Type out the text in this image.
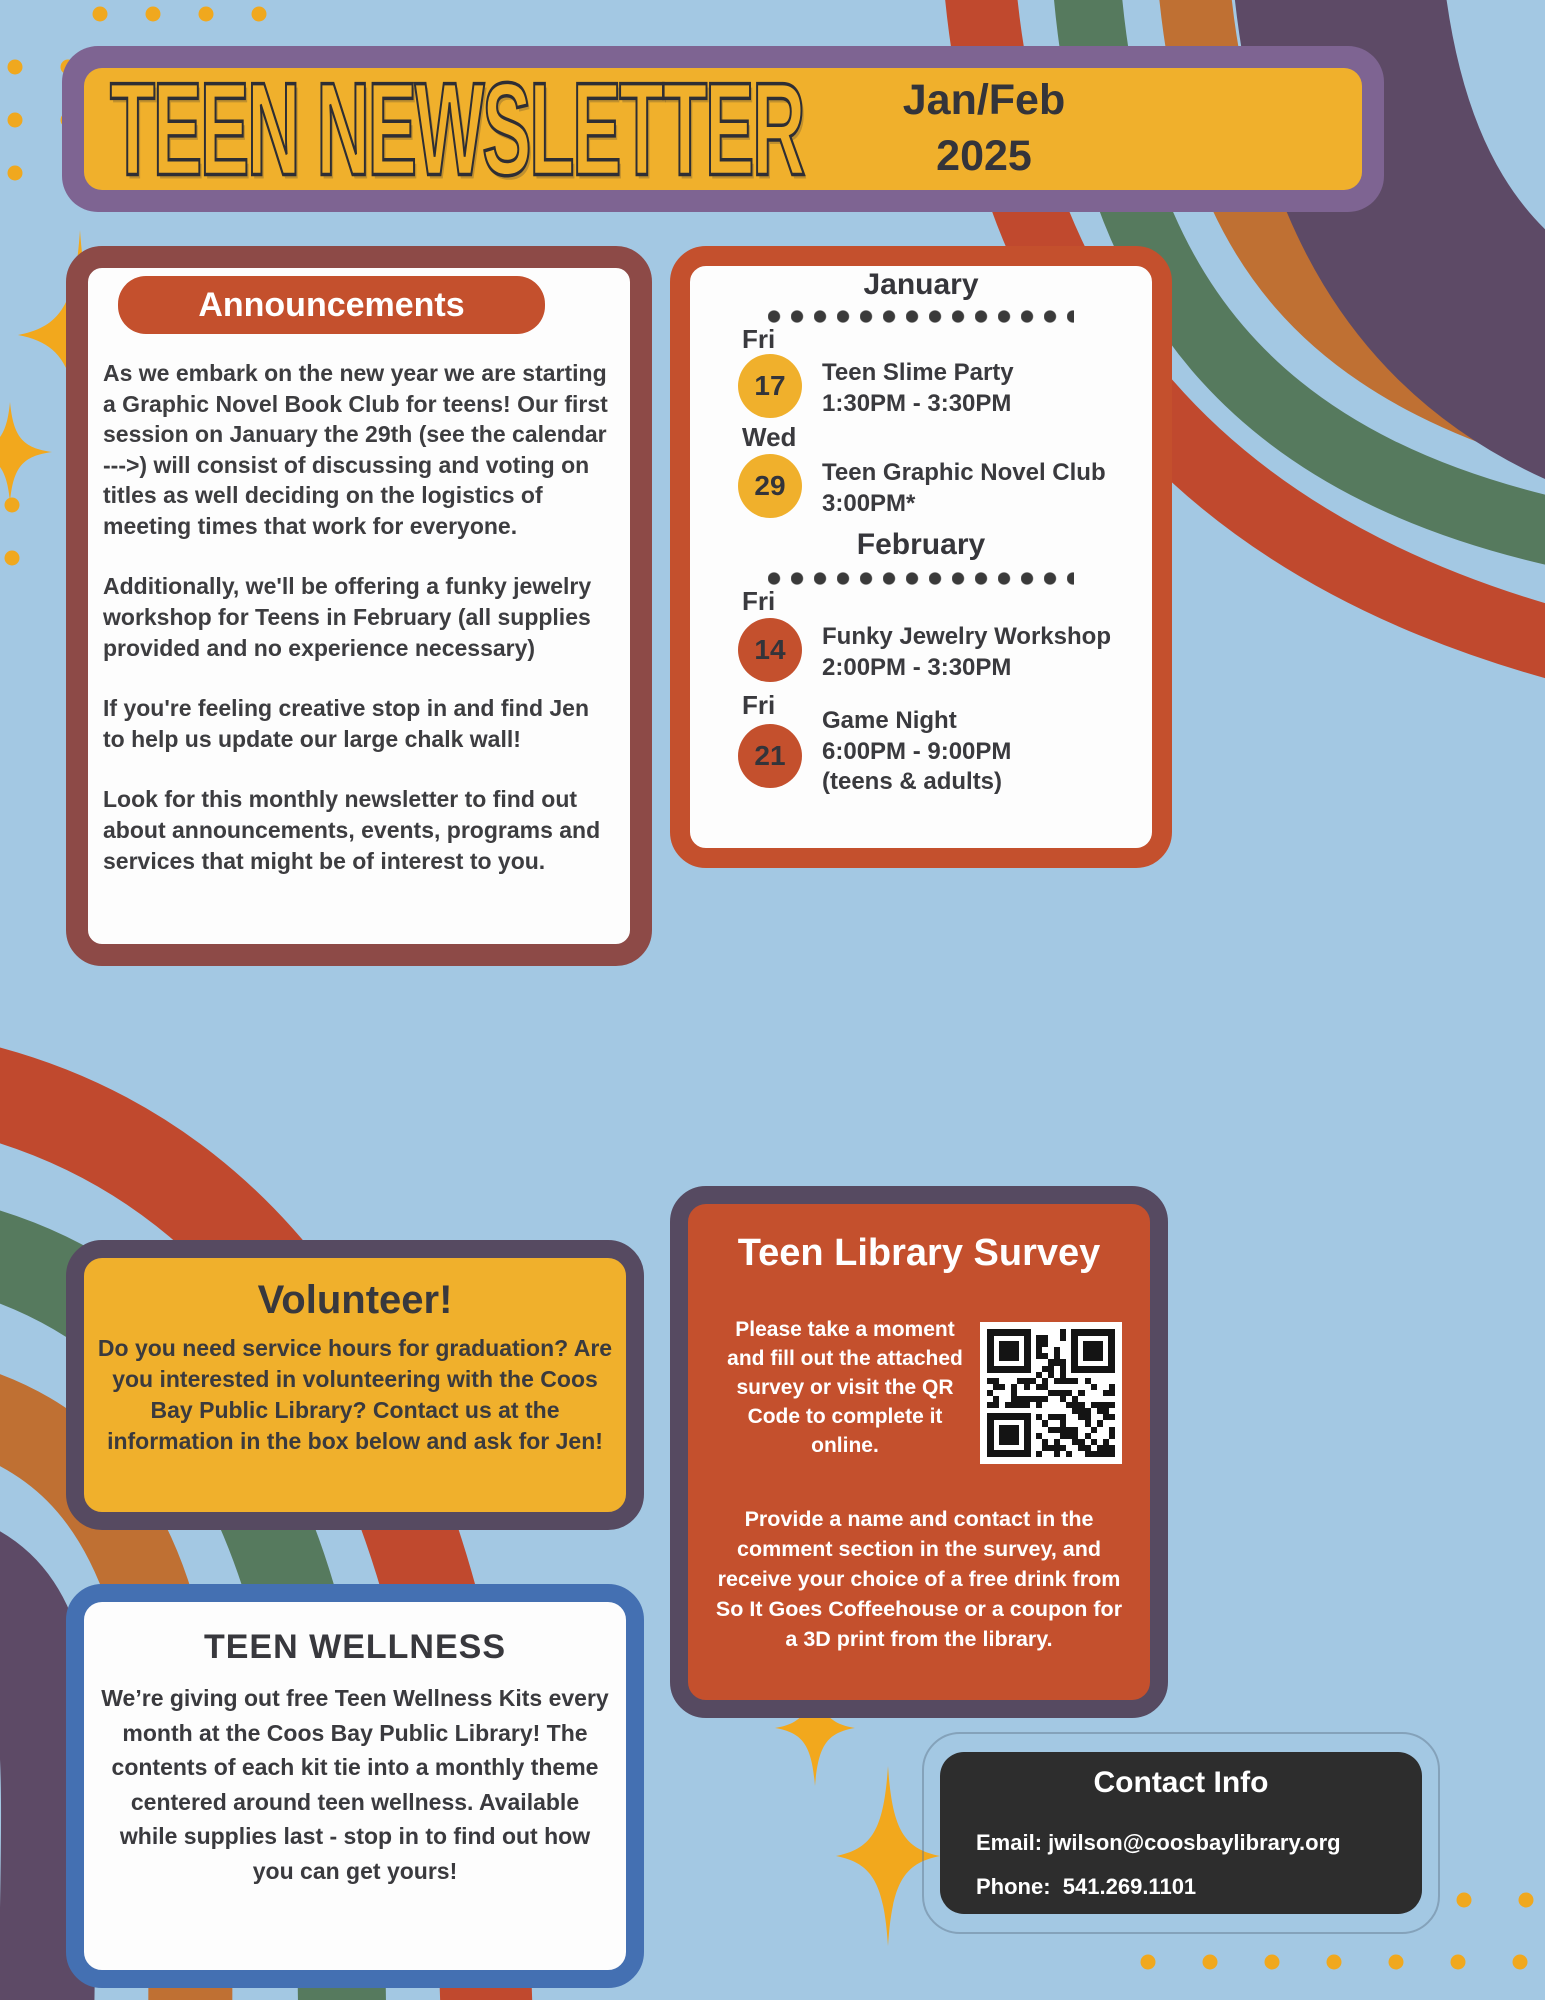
TEEN NEWSLETTER	Jan/Feb
2025
Announcements

As we embark on the new year we are starting a Graphic Novel Book Club for teens! Our first session on January the 29th (see the calendar --->) will consist of discussing and voting on titles as well deciding on the logistics of meeting times that work for everyone.

Additionally, we'll be offering a funky jewelry workshop for Teens in February (all supplies provided and no experience necessary)

If you're feeling creative stop in and find Jen to help us update our large chalk wall!

Look for this monthly newsletter to find out about announcements, events, programs and services that might be of interest to you.

January
Fri
17	Teen Slime Party
1:30PM - 3:30PM
Wed
29	Teen Graphic Novel Club
3:00PM*
February
Fri
14	Funky Jewelry Workshop
2:00PM - 3:30PM
Fri
21
Game Night
6:00PM - 9:00PM
(teens & adults)
Volunteer!
Do you need service hours for graduation? Are you interested in volunteering with the Coos Bay Public Library? Contact us at the information in the box below and ask for Jen!
Teen Library Survey
Please take a moment and fill out the attached survey or visit the QR Code to complete it online.
Provide a name and contact in the comment section in the survey, and receive your choice of a free drink from So It Goes Coffeehouse or a coupon for a 3D print from the library.
TEEN WELLNESS
We’re giving out free Teen Wellness Kits every month at the Coos Bay Public Library! The contents of each kit tie into a monthly theme centered around teen wellness. Available while supplies last - stop in to find out how you can get yours!
Contact Info
Email: jwilson@coosbaylibrary.org
Phone: 541.269.1101
